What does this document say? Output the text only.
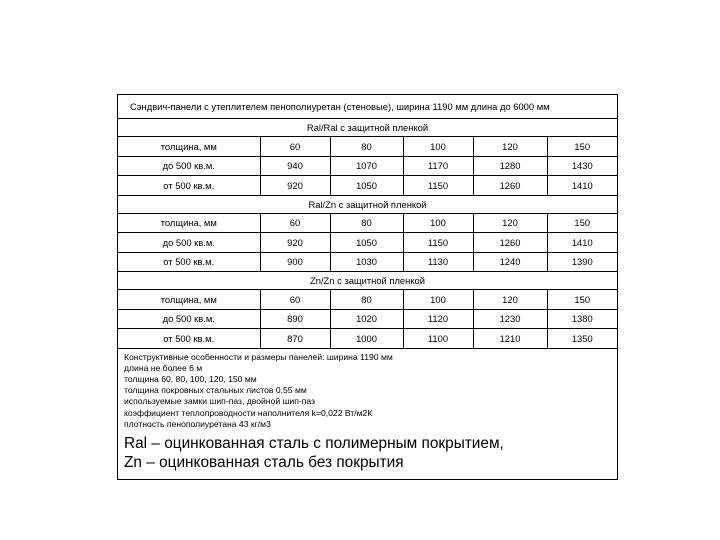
Сэндвич-панели с утеплителем пенополиуретан (стеновые), ширина 1190 мм длина до 6000 мм
Ral/Ral с защитной пленкой					
толщина, мм	60	80	100	120	150
до 500 кв.м.	940	1070	1170	1280	1430
от 500 кв.м.	920	1050	1150	1260	1410
Ral/Zn с защитной пленкой					
толщина, мм	60	80	100	120	150
до 500 кв.м.	920	1050	1150	1260	1410
от 500 кв.м.	900	1030	1130	1240	1390
Zn/Zn с защитной пленкой					
толщина, мм	60	80	100	120	150
до 500 кв.м.	890	1020	1120	1230	1380
от 500 кв.м.	870	1000	1100	1210	1350
Конструктивные особенности и размеры панелей: ширина 1190 мм
длина не более 6 м
толщина 60, 80, 100, 120, 150 мм
толщина покровных стальных листов 0,55 мм
используемые замки шип-паз, двойной шип-паз
коэффициент теплопроводности наполнителя k=0,022 Вт/м2К
плотность пенополиуретана 43 кг/м3
Ral – оцинкованная сталь с полимерным покрытием,
Zn – оцинкованная сталь без покрытия
